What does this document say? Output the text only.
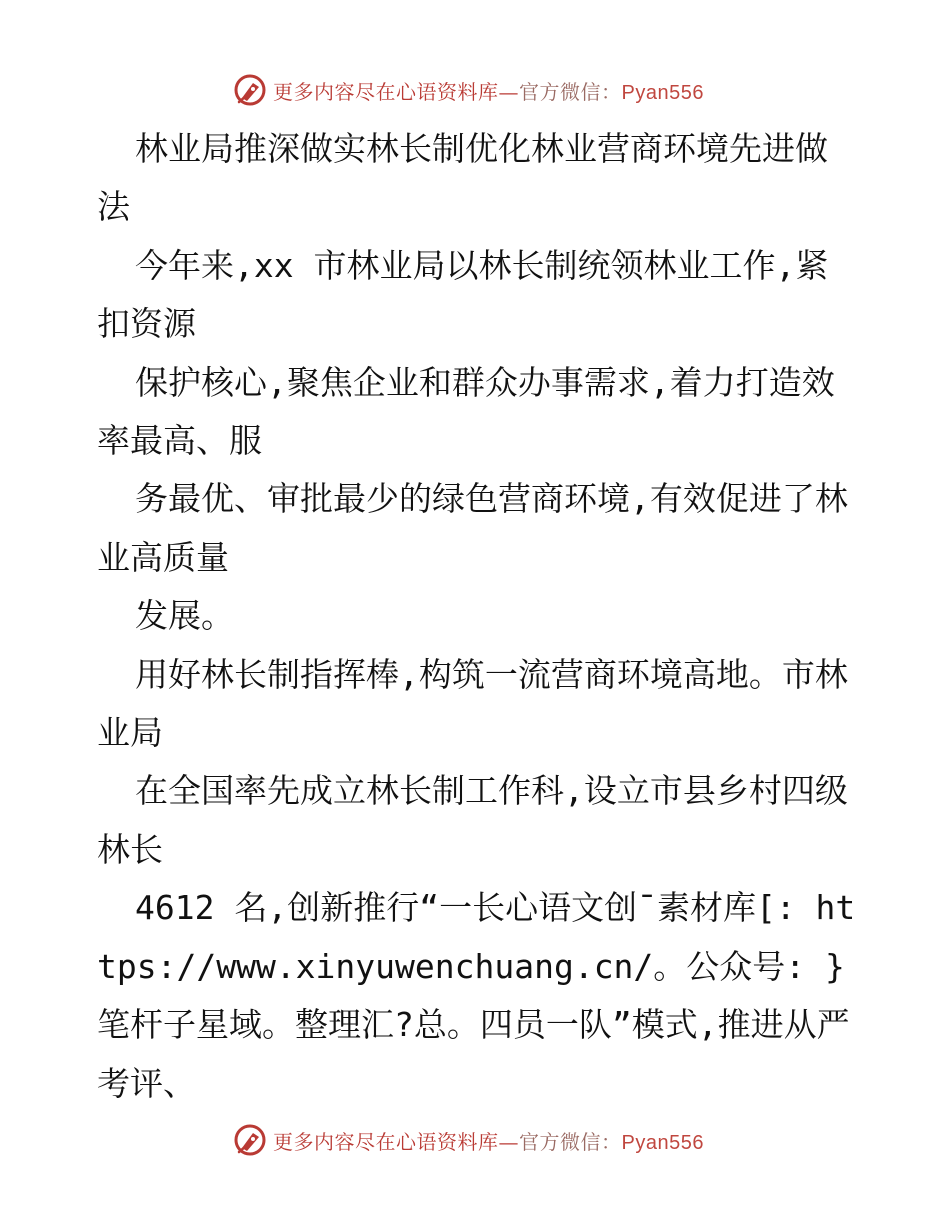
更多内容尽在心语资料库—官方微信：Pyan556

林业局推深做实林长制优化林业营商环境先进做法

今年来,xx 市林业局以林长制统领林业工作,紧扣资源

保护核心,聚焦企业和群众办事需求,着力打造效率最高、服

务最优、审批最少的绿色营商环境,有效促进了林业高质量

发展。

用好林长制指挥棒,构筑一流营商环境高地。市林业局

在全国率先成立林长制工作科,设立市县乡村四级林长

4612 名,创新推行“一长心语文创¯素材库[: https://www.xinyuwenchuang.cn/。公众号: }笔杆子星域。整理汇?总。四员一队”模式,推进从严考评、

更多内容尽在心语资料库—官方微信：Pyan556
